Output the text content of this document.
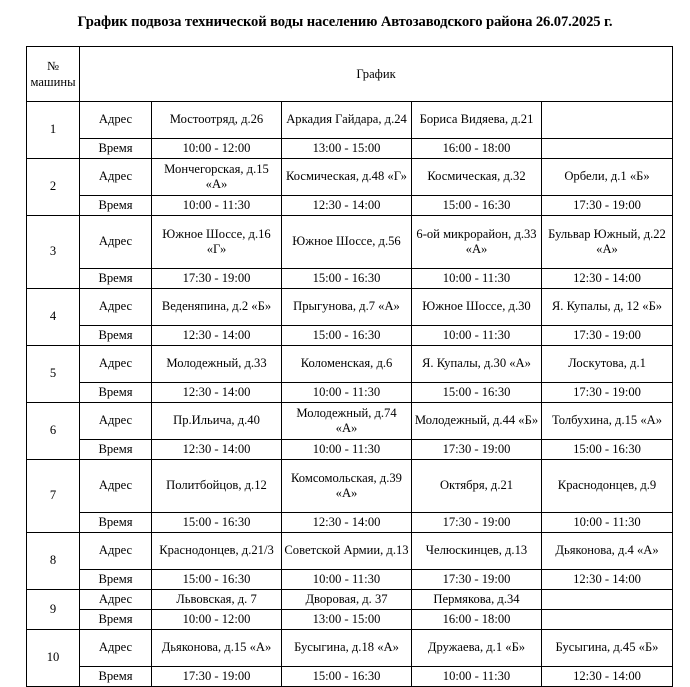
График подвоза технической воды населению Автозаводского района 26.07.2025 г.
№ машины	График				
1	Адрес	Мостоотряд, д.26	Аркадия Гайдара, д.24	Бориса Видяева, д.21	
	Время	10:00 - 12:00	13:00 - 15:00	16:00 - 18:00	
2	Адрес	Мончегорская, д.15 «А»	Космическая, д.48 «Г»	Космическая, д.32	Орбели, д.1 «Б»
	Время	10:00 - 11:30	12:30 - 14:00	15:00 - 16:30	17:30 - 19:00
3	Адрес	Южное Шоссе, д.16 «Г»	Южное Шоссе, д.56	6-ой микрорайон, д.33 «А»	Бульвар Южный, д.22 «А»
	Время	17:30 - 19:00	15:00 - 16:30	10:00 - 11:30	12:30 - 14:00
4	Адрес	Веденяпина, д.2 «Б»	Прыгунова, д.7 «А»	Южное Шоссе, д.30	Я. Купалы, д, 12 «Б»
	Время	12:30 - 14:00	15:00 - 16:30	10:00 - 11:30	17:30 - 19:00
5	Адрес	Молодежный, д.33	Коломенская, д.6	Я. Купалы, д.30 «А»	Лоскутова, д.1
	Время	12:30 - 14:00	10:00 - 11:30	15:00 - 16:30	17:30 - 19:00
6	Адрес	Пр.Ильича, д.40	Молодежный, д.74 «А»	Молодежный, д.44 «Б»	Толбухина, д.15 «А»
	Время	12:30 - 14:00	10:00 - 11:30	17:30 - 19:00	15:00 - 16:30
7	Адрес	Политбойцов, д.12	Комсомольская, д.39 «А»	Октября, д.21	Краснодонцев, д.9
	Время	15:00 - 16:30	12:30 - 14:00	17:30 - 19:00	10:00 - 11:30
8	Адрес	Краснодонцев, д.21/3	Советской Армии, д.13	Челюскинцев, д.13	Дьяконова, д.4 «А»
	Время	15:00 - 16:30	10:00 - 11:30	17:30 - 19:00	12:30 - 14:00
9	Адрес	Львовская, д. 7	Дворовая, д. 37	Пермякова, д.34	
	Время	10:00 - 12:00	13:00 - 15:00	16:00 - 18:00	
10	Адрес	Дьяконова, д.15 «А»	Бусыгина, д.18 «А»	Дружаева, д.1 «Б»	Бусыгина, д.45 «Б»
	Время	17:30 - 19:00	15:00 - 16:30	10:00 - 11:30	12:30 - 14:00
